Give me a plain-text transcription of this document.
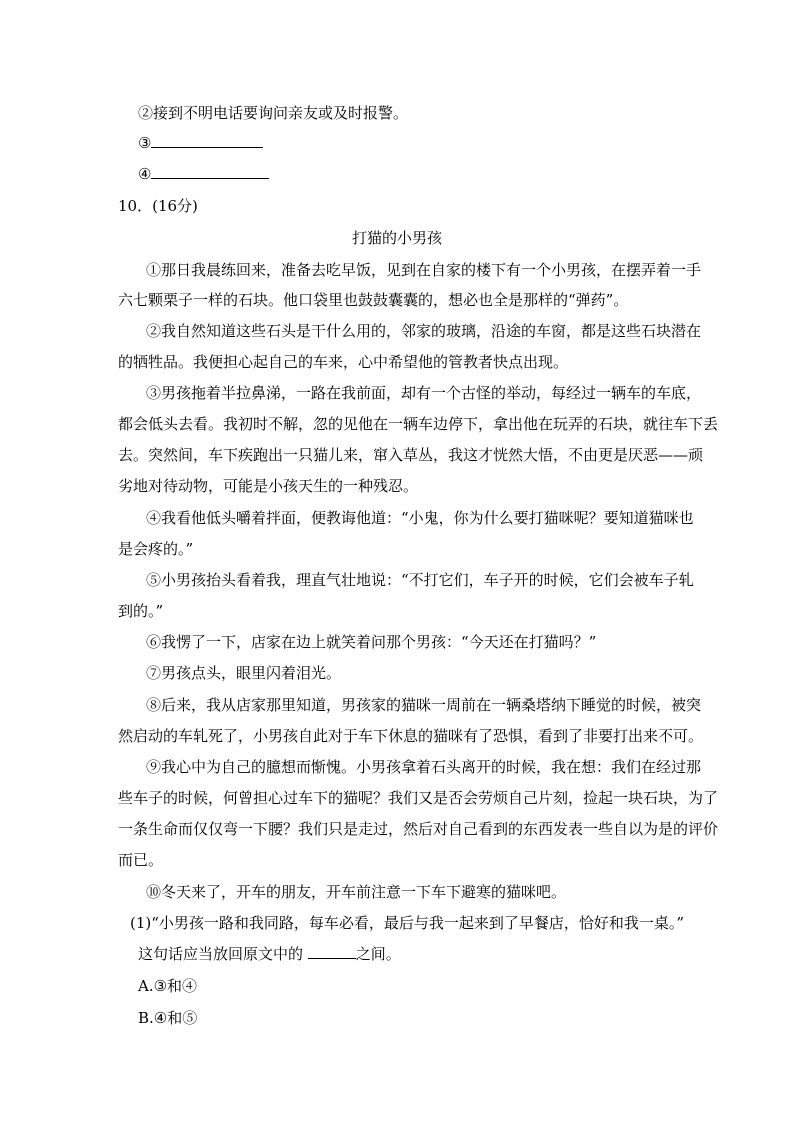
②接到不明电话要询问亲友或及时报警。
③
④
10．(16分)
打猫的小男孩
①那日我晨练回来，准备去吃早饭，见到在自家的楼下有一个小男孩，在摆弄着一手
六七颗栗子一样的石块。他口袋里也鼓鼓囊囊的，想必也全是那样的“弹药”。
②我自然知道这些石头是干什么用的，邻家的玻璃，沿途的车窗，都是这些石块潜在
的牺牲品。我便担心起自己的车来，心中希望他的管教者快点出现。
③男孩拖着半拉鼻涕，一路在我前面，却有一个古怪的举动，每经过一辆车的车底，
都会低头去看。我初时不解，忽的见他在一辆车边停下，拿出他在玩弄的石块，就往车下丢
去。突然间，车下疾跑出一只猫儿来，窜入草丛，我这才恍然大悟，不由更是厌恶——顽
劣地对待动物，可能是小孩天生的一种残忍。
④我看他低头嚼着拌面，便教诲他道：“小鬼，你为什么要打猫咪呢？要知道猫咪也
是会疼的。”
⑤小男孩抬头看着我，理直气壮地说：“不打它们，车子开的时候，它们会被车子轧
到的。”
⑥我愣了一下，店家在边上就笑着问那个男孩：“今天还在打猫吗？”
⑦男孩点头，眼里闪着泪光。
⑧后来，我从店家那里知道，男孩家的猫咪一周前在一辆桑塔纳下睡觉的时候，被突
然启动的车轧死了，小男孩自此对于车下休息的猫咪有了恐惧，看到了非要打出来不可。
⑨我心中为自己的臆想而惭愧。小男孩拿着石头离开的时候，我在想：我们在经过那
些车子的时候，何曾担心过车下的猫呢？我们又是否会劳烦自己片刻，捡起一块石块，为了
一条生命而仅仅弯一下腰？我们只是走过，然后对自己看到的东西发表一些自以为是的评价
而已。
⑩冬天来了，开车的朋友，开车前注意一下车下避寒的猫咪吧。
(1)“小男孩一路和我同路，每车必看，最后与我一起来到了早餐店，恰好和我一桌。”
这句话应当放回原文中的	之间。
A.③和④
B.④和⑤
